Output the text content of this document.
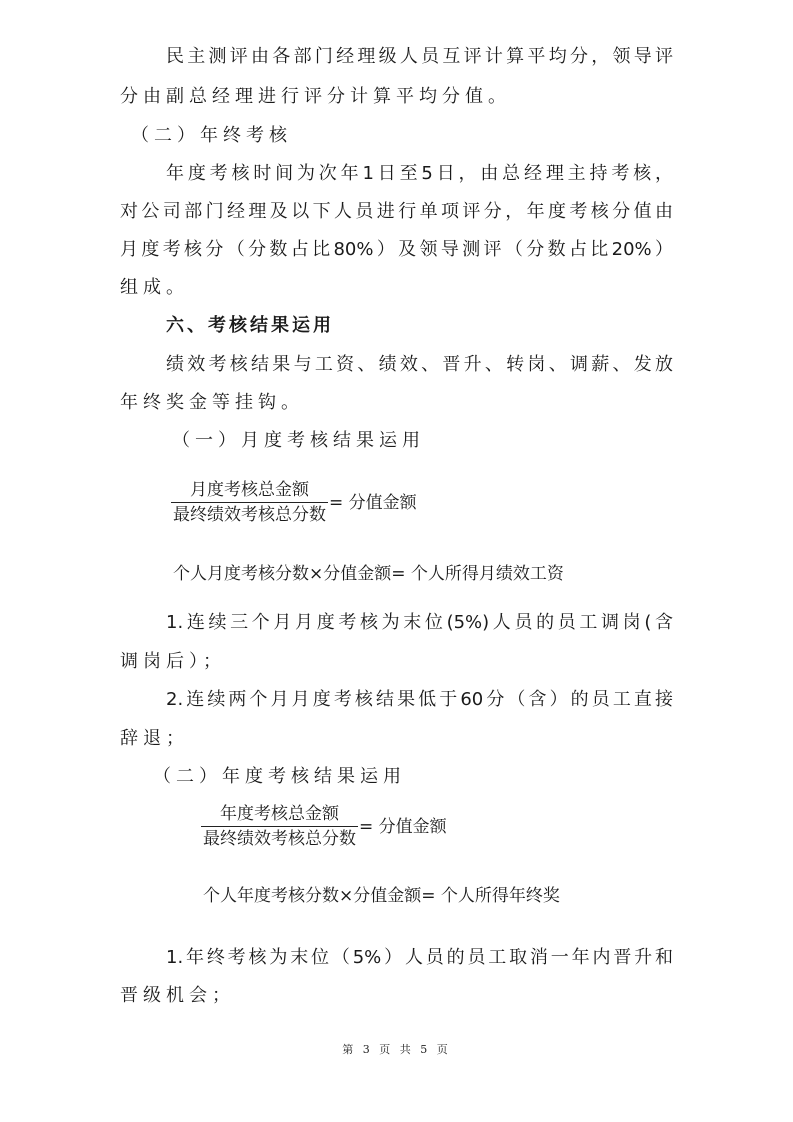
民主测评由各部门经理级人员互评计算平均分，领导评
分由副总经理进行评分计算平均分值。
（二）年终考核
年度考核时间为次年1日至5日，由总经理主持考核，
对公司部门经理及以下人员进行单项评分，年度考核分值由
月度考核分（分数占比80%）及领导测评（分数占比20%）
组成。
六、考核结果运用
绩效考核结果与工资、绩效、晋升、转岗、调薪、发放
年终奖金等挂钩。
（一）月度考核结果运用
$\frac{\text{月度考核总金额}}{\text{最终绩效考核总分数}}$ = 分值金额
个人月度考核分数×分值金额= 个人所得月绩效工资
1.连续三个月月度考核为末位(5%)人员的员工调岗(含
调岗后）；
2.连续两个月月度考核结果低于60分（含）的员工直接
辞退；
（二）年度考核结果运用
$\frac{\text{年度考核总金额}}{\text{最终绩效考核总分数}}$ = 分值金额
个人年度考核分数×分值金额= 个人所得年终奖
1.年终考核为末位（5%）人员的员工取消一年内晋升和
晋级机会；
第 3 页 共 5 页
